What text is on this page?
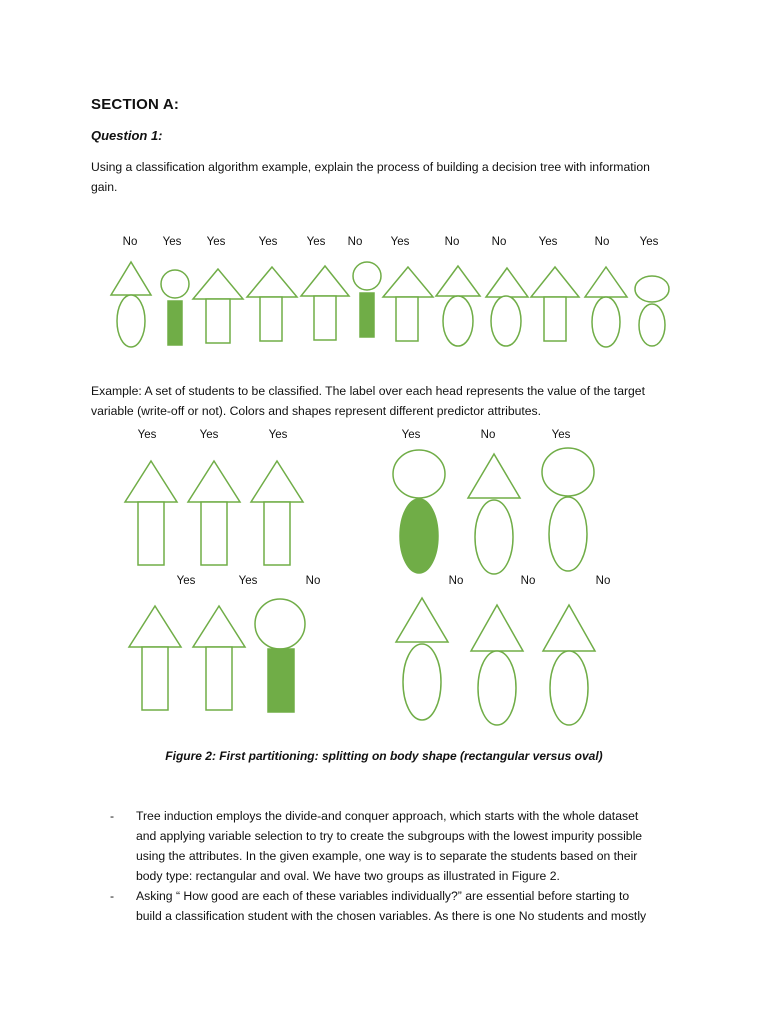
SECTION A:
Question 1:
Using a classification algorithm example, explain the process of building a decision tree with information
gain.
No Yes Yes	Yes	Yes No Yes	No	No	Yes	No	Yes
Example: A set of students to be classified. The label over each head represents the value of the target
variable (write-off or not). Colors and shapes represent different predictor attributes.
Yes	Yes	Yes
Yes	Yes	No
Yes	No	Yes
No	No	No
Figure 2: First partitioning: splitting on body shape (rectangular versus oval)
- Tree induction employs the divide-and conquer approach, which starts with the whole dataset
and applying variable selection to try to create the subgroups with the lowest impurity possible
using the attributes. In the given example, one way is to separate the students based on their
body type: rectangular and oval. We have two groups as illustrated in Figure 2.
- Asking “ How good are each of these variables individually?” are essential before starting to
build a classification student with the chosen variables. As there is one No students and mostly
